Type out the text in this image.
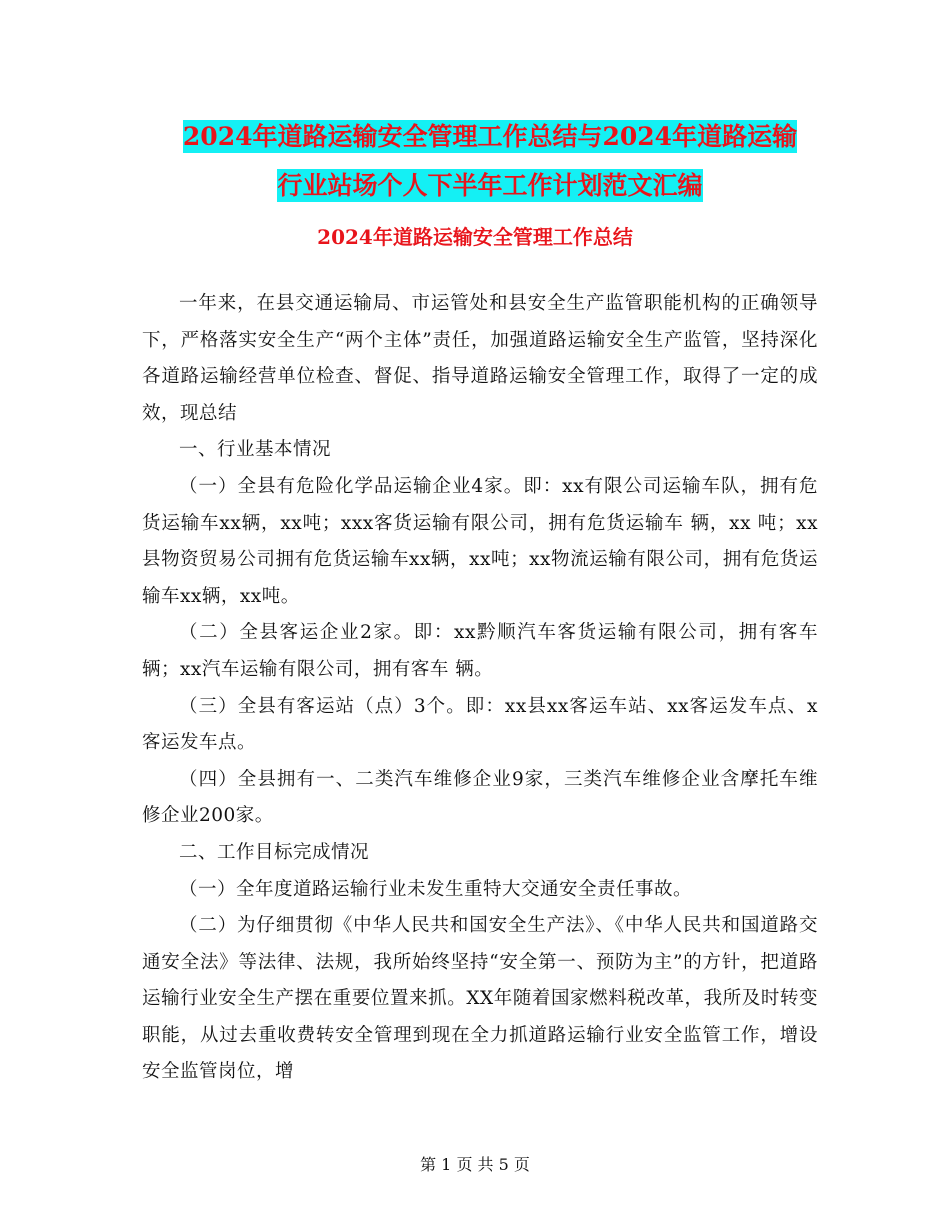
2024年道路运输安全管理工作总结与2024年道路运输
行业站场个人下半年工作计划范文汇编
2024年道路运输安全管理工作总结

一年来，在县交通运输局、市运管处和县安全生产监管职能机构的正确领导下，严格落实安全生产“两个主体”责任，加强道路运输安全生产监管，坚持深化各道路运输经营单位检查、督促、指导道路运输安全管理工作，取得了一定的成效，现总结

一、行业基本情况

（一）全县有危险化学品运输企业4家。即：xx有限公司运输车队，拥有危货运输车xx辆，xx吨；xxx客货运输有限公司，拥有危货运输车 辆，xx 吨；xx县物资贸易公司拥有危货运输车xx辆，xx吨；xx物流运输有限公司，拥有危货运输车xx辆，xx吨。

（二）全县客运企业2家。即：xx黔顺汽车客货运输有限公司，拥有客车 辆；xx汽车运输有限公司，拥有客车 辆。

（三）全县有客运站（点）3个。即：xx县xx客运车站、xx客运发车点、x客运发车点。

（四）全县拥有一、二类汽车维修企业9家，三类汽车维修企业含摩托车维修企业200家。

二、工作目标完成情况

（一）全年度道路运输行业未发生重特大交通安全责任事故。

（二）为仔细贯彻《中华人民共和国安全生产法》、《中华人民共和国道路交通安全法》等法律、法规，我所始终坚持“安全第一、预防为主”的方针，把道路运输行业安全生产摆在重要位置来抓。XX年随着国家燃料税改革，我所及时转变职能，从过去重收费转安全管理到现在全力抓道路运输行业安全监管工作，增设安全监管岗位，增

第 1 页 共 5 页
